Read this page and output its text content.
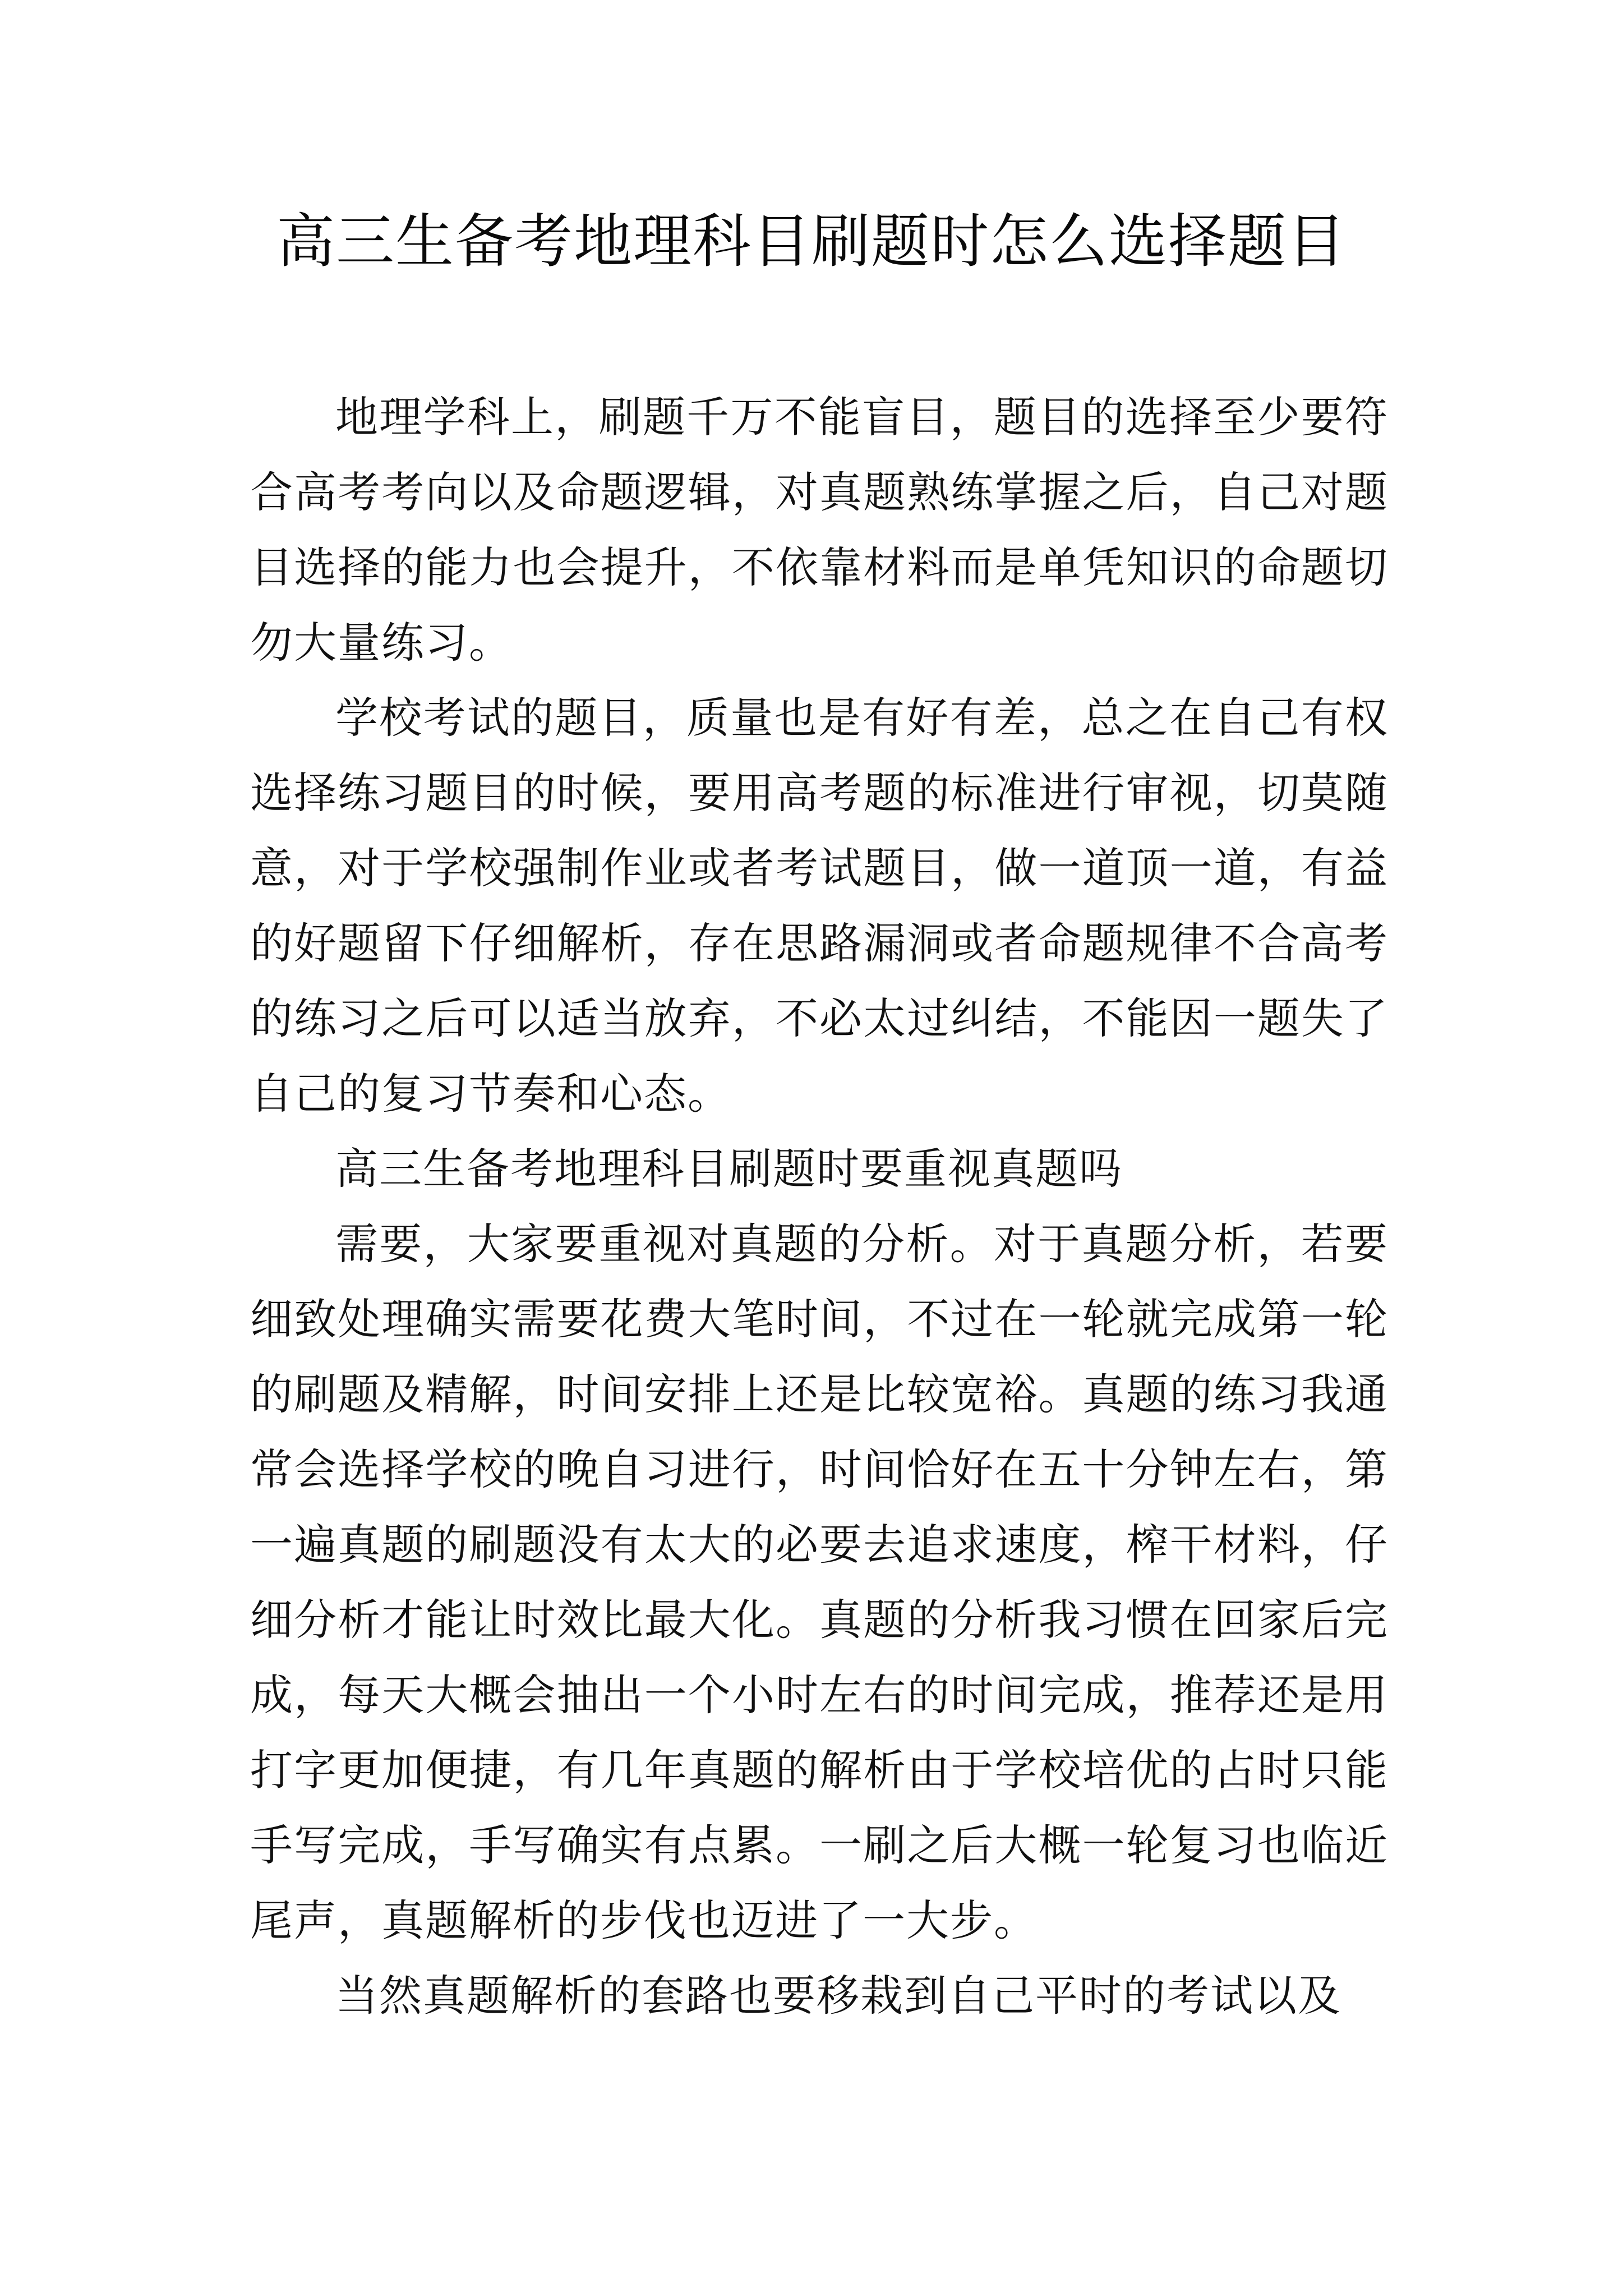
高三生备考地理科目刷题时怎么选择题目

地理学科上，刷题千万不能盲目，题目的选择至少要符合高考考向以及命题逻辑，对真题熟练掌握之后，自己对题目选择的能力也会提升，不依靠材料而是单凭知识的命题切勿大量练习。

学校考试的题目，质量也是有好有差，总之在自己有权选择练习题目的时候，要用高考题的标准进行审视，切莫随意，对于学校强制作业或者考试题目，做一道顶一道，有益的好题留下仔细解析，存在思路漏洞或者命题规律不合高考的练习之后可以适当放弃，不必太过纠结，不能因一题失了自己的复习节奏和心态。

高三生备考地理科目刷题时要重视真题吗

需要，大家要重视对真题的分析。对于真题分析，若要细致处理确实需要花费大笔时间，不过在一轮就完成第一轮的刷题及精解，时间安排上还是比较宽裕。真题的练习我通常会选择学校的晚自习进行，时间恰好在五十分钟左右，第一遍真题的刷题没有太大的必要去追求速度，榨干材料，仔细分析才能让时效比最大化。真题的分析我习惯在回家后完成，每天大概会抽出一个小时左右的时间完成，推荐还是用打字更加便捷，有几年真题的解析由于学校培优的占时只能手写完成，手写确实有点累。一刷之后大概一轮复习也临近尾声，真题解析的步伐也迈进了一大步。

当然真题解析的套路也要移栽到自己平时的考试以及
